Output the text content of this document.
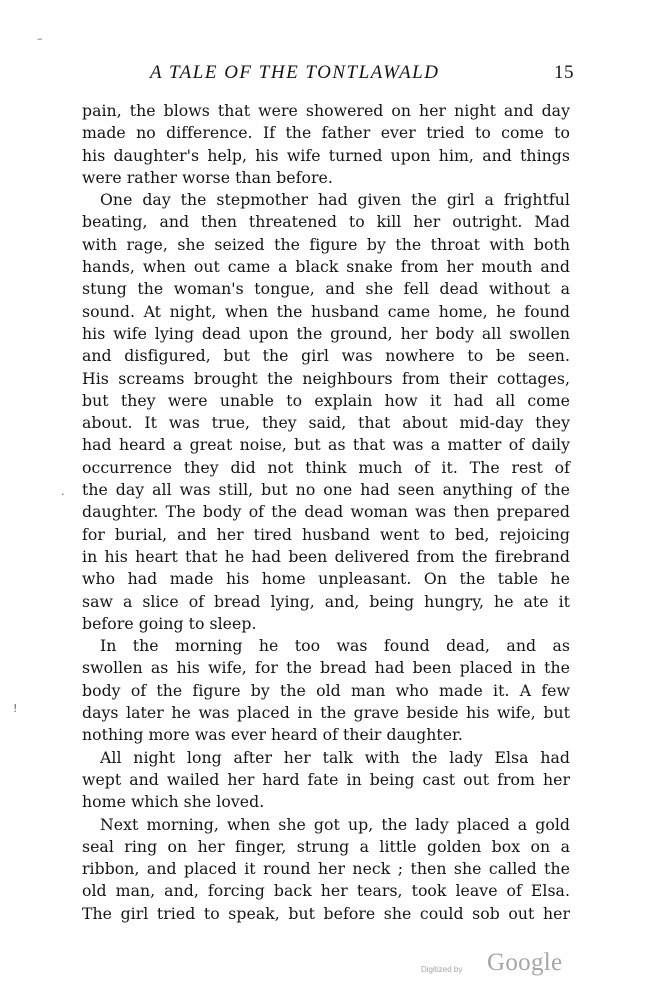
–
A TALE OF THE TONTLAWALD	15
pain, the blows that were showered on her night and day
made no difference. If the father ever tried to come to
his daughter's help, his wife turned upon him, and things
were rather worse than before.
One day the stepmother had given the girl a frightful
beating, and then threatened to kill her outright. Mad
with rage, she seized the figure by the throat with both
hands, when out came a black snake from her mouth and
stung the woman's tongue, and she fell dead without a
sound. At night, when the husband came home, he found
his wife lying dead upon the ground, her body all swollen
and disfigured, but the girl was nowhere to be seen.
His screams brought the neighbours from their cottages,
but they were unable to explain how it had all come
about. It was true, they said, that about mid-day they
had heard a great noise, but as that was a matter of daily
occurrence they did not think much of it. The rest of
the day all was still, but no one had seen anything of the
daughter. The body of the dead woman was then prepared
for burial, and her tired husband went to bed, rejoicing
in his heart that he had been delivered from the firebrand
who had made his home unpleasant. On the table he
saw a slice of bread lying, and, being hungry, he ate it
before going to sleep.
In the morning he too was found dead, and as
swollen as his wife, for the bread had been placed in the
body of the figure by the old man who made it. A few
days later he was placed in the grave beside his wife, but
nothing more was ever heard of their daughter.
All night long after her talk with the lady Elsa had
wept and wailed her hard fate in being cast out from her
home which she loved.
Next morning, when she got up, the lady placed a gold
seal ring on her finger, strung a little golden box on a
ribbon, and placed it round her neck ; then she called the
old man, and, forcing back her tears, took leave of Elsa.
The girl tried to speak, but before she could sob out her
·
!
Digitized by Google
